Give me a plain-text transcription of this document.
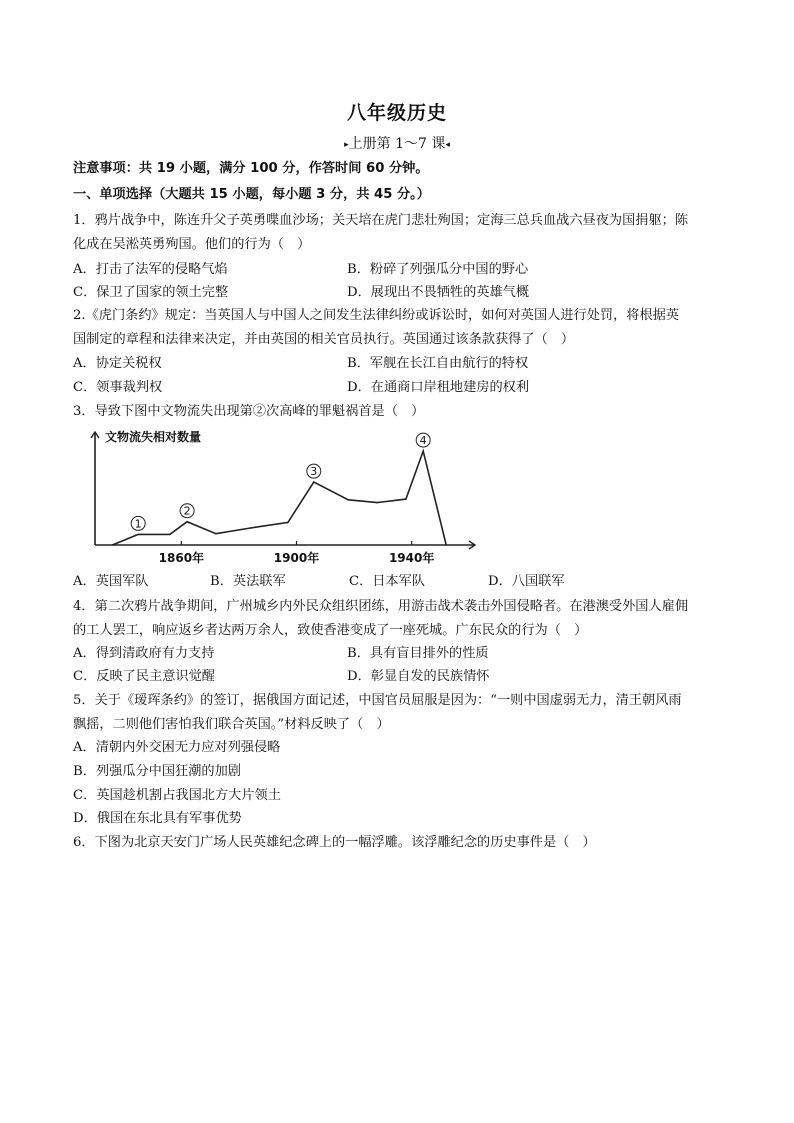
八年级历史
▸上册第 1～7 课◂
注意事项：共 19 小题，满分 100 分，作答时间 60 分钟。
一、单项选择（大题共 15 小题，每小题 3 分，共 45 分。）
1．鸦片战争中，陈连升父子英勇喋血沙场；关天培在虎门悲壮殉国；定海三总兵血战六昼夜为国捐躯；陈
化成在吴淞英勇殉国。他们的行为（　）
A．打击了法军的侵略气焰	B．粉碎了列强瓜分中国的野心
C．保卫了国家的领土完整	D．展现出不畏牺牲的英雄气概
2.《虎门条约》规定：当英国人与中国人之间发生法律纠纷或诉讼时，如何对英国人进行处罚，将根据英
国制定的章程和法律来决定，并由英国的相关官员执行。英国通过该条款获得了（　）
A．协定关税权	B．军舰在长江自由航行的特权
C．领事裁判权	D．在通商口岸租地建房的权利
3．导致下图中文物流失出现第②次高峰的罪魁祸首是（　）
1
2
3
4
1860年	1900年	1940年
文物流失相对数量
A．英国军队	B．英法联军	C．日本军队	D．八国联军
4．第二次鸦片战争期间，广州城乡内外民众组织团练，用游击战术袭击外国侵略者。在港澳受外国人雇佣
的工人罢工，响应返乡者达两万余人，致使香港变成了一座死城。广东民众的行为（　）
A．得到清政府有力支持	B．具有盲目排外的性质
C．反映了民主意识觉醒	D．彰显自发的民族情怀
5．关于《瑷珲条约》的签订，据俄国方面记述，中国官员屈服是因为：“一则中国虚弱无力，清王朝风雨
飘摇，二则他们害怕我们联合英国。”材料反映了（　）
A．清朝内外交困无力应对列强侵略
B．列强瓜分中国狂潮的加剧
C．英国趁机割占我国北方大片领土
D．俄国在东北具有军事优势
6．下图为北京天安门广场人民英雄纪念碑上的一幅浮雕。该浮雕纪念的历史事件是（　）
